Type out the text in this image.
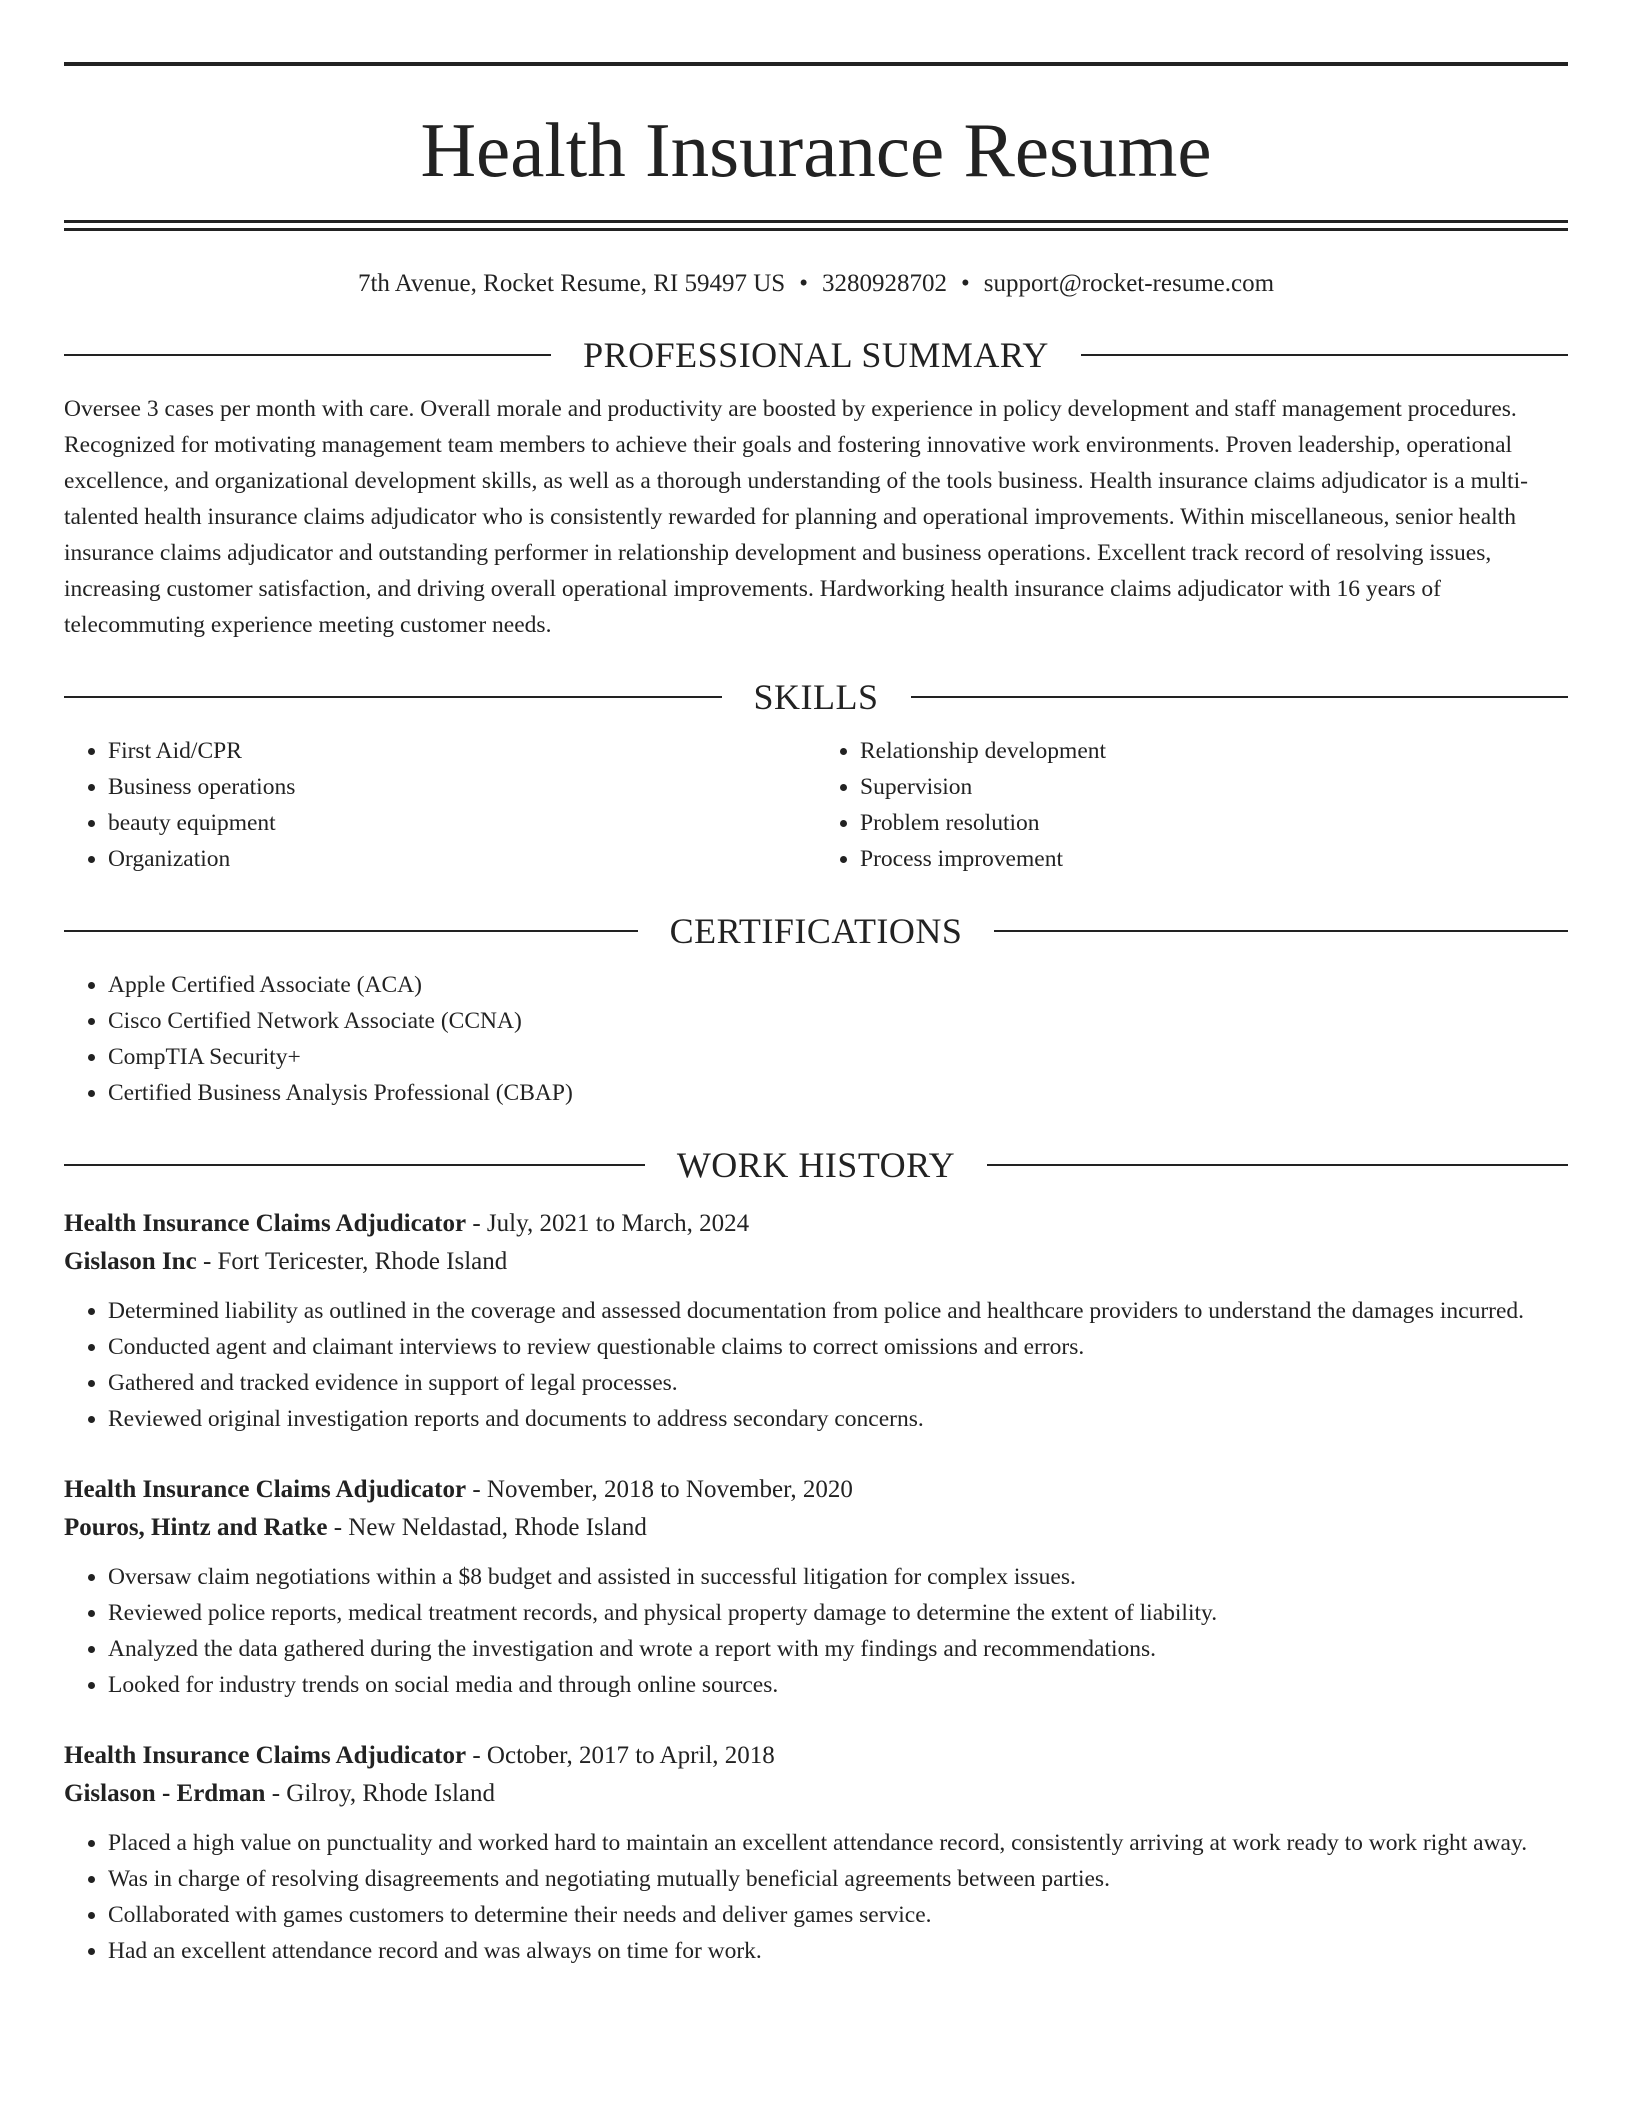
Health Insurance Resume
7th Avenue, Rocket Resume, RI 59497 US • 3280928702 • support@rocket-resume.com
PROFESSIONAL SUMMARY

Oversee 3 cases per month with care. Overall morale and productivity are boosted by experience in policy development and staff management procedures. Recognized for motivating management team members to achieve their goals and fostering innovative work environments. Proven leadership, operational excellence, and organizational development skills, as well as a thorough understanding of the tools business. Health insurance claims adjudicator is a multi-talented health insurance claims adjudicator who is consistently rewarded for planning and operational improvements. Within miscellaneous, senior health insurance claims adjudicator and outstanding performer in relationship development and business operations. Excellent track record of resolving issues, increasing customer satisfaction, and driving overall operational improvements. Hardworking health insurance claims adjudicator with 16 years of telecommuting experience meeting customer needs.

SKILLS
• First Aid/CPR
• Business operations
• beauty equipment
• Organization
• Relationship development
• Supervision
• Problem resolution
• Process improvement
CERTIFICATIONS
• Apple Certified Associate (ACA)
• Cisco Certified Network Associate (CCNA)
• CompTIA Security+
• Certified Business Analysis Professional (CBAP)
WORK HISTORY
Health Insurance Claims Adjudicator - July, 2021 to March, 2024
Gislason Inc - Fort Tericester, Rhode Island
• Determined liability as outlined in the coverage and assessed documentation from police and healthcare providers to understand the damages incurred.
• Conducted agent and claimant interviews to review questionable claims to correct omissions and errors.
• Gathered and tracked evidence in support of legal processes.
• Reviewed original investigation reports and documents to address secondary concerns.
Health Insurance Claims Adjudicator - November, 2018 to November, 2020
Pouros, Hintz and Ratke - New Neldastad, Rhode Island
• Oversaw claim negotiations within a $8 budget and assisted in successful litigation for complex issues.
• Reviewed police reports, medical treatment records, and physical property damage to determine the extent of liability.
• Analyzed the data gathered during the investigation and wrote a report with my findings and recommendations.
• Looked for industry trends on social media and through online sources.
Health Insurance Claims Adjudicator - October, 2017 to April, 2018
Gislason - Erdman - Gilroy, Rhode Island
• Placed a high value on punctuality and worked hard to maintain an excellent attendance record, consistently arriving at work ready to work right away.
• Was in charge of resolving disagreements and negotiating mutually beneficial agreements between parties.
• Collaborated with games customers to determine their needs and deliver games service.
• Had an excellent attendance record and was always on time for work.
